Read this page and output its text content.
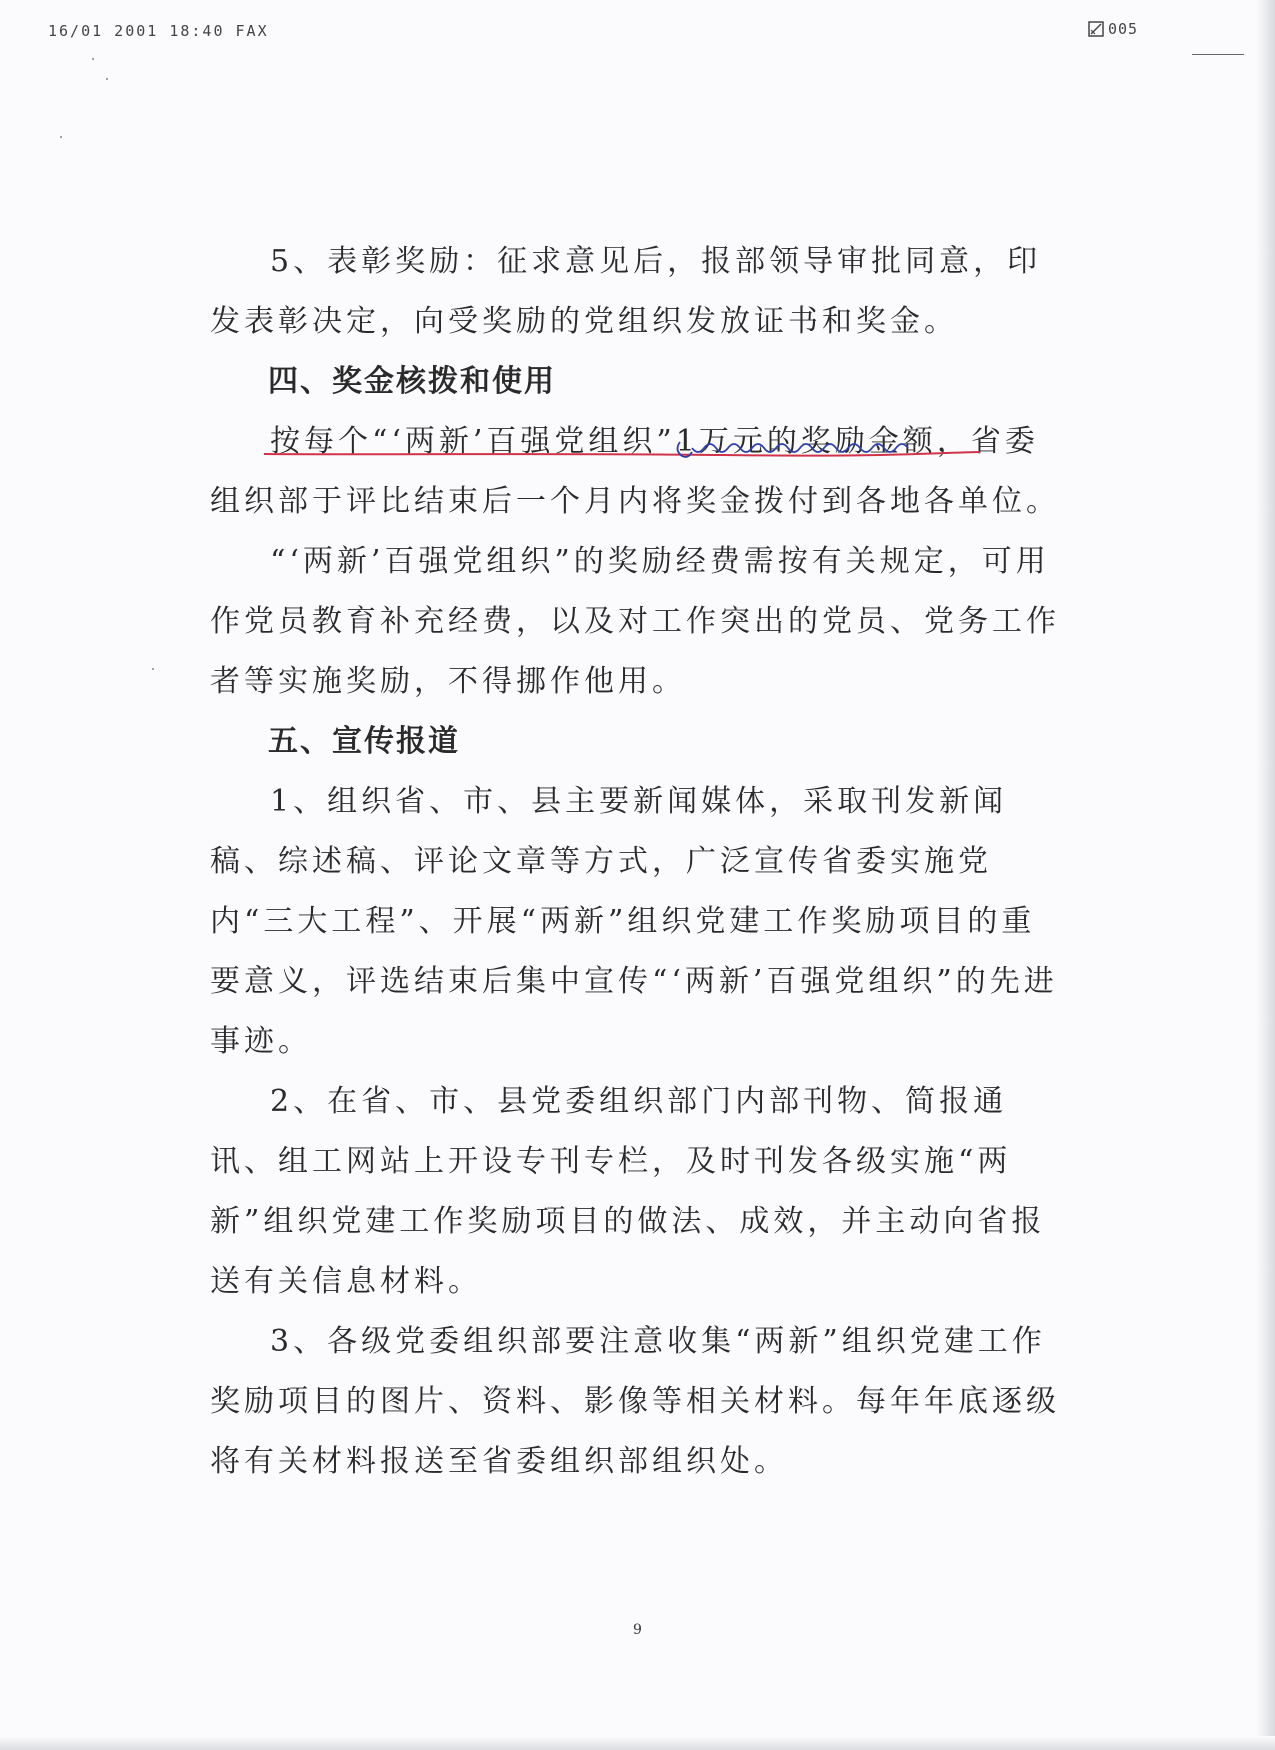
16/01 2001 18:40 FAX	005

5、表彰奖励：征求意见后，报部领导审批同意，印发表彰决定，向受奖励的党组织发放证书和奖金。

四、奖金核拨和使用

按每个“‘两新’百强党组织”1万元的奖励金额，省委组织部于评比结束后一个月内将奖金拨付到各地各单位。

“‘两新’百强党组织”的奖励经费需按有关规定，可用作党员教育补充经费，以及对工作突出的党员、党务工作者等实施奖励，不得挪作他用。

五、宣传报道

1、组织省、市、县主要新闻媒体，采取刊发新闻稿、综述稿、评论文章等方式，广泛宣传省委实施党内“三大工程”、开展“两新”组织党建工作奖励项目的重要意义，评选结束后集中宣传“‘两新’百强党组织”的先进事迹。

2、在省、市、县党委组织部门内部刊物、简报通讯、组工网站上开设专刊专栏，及时刊发各级实施“两新”组织党建工作奖励项目的做法、成效，并主动向省报送有关信息材料。

3、各级党委组织部要注意收集“两新”组织党建工作奖励项目的图片、资料、影像等相关材料。每年年底逐级将有关材料报送至省委组织部组织处。

9
